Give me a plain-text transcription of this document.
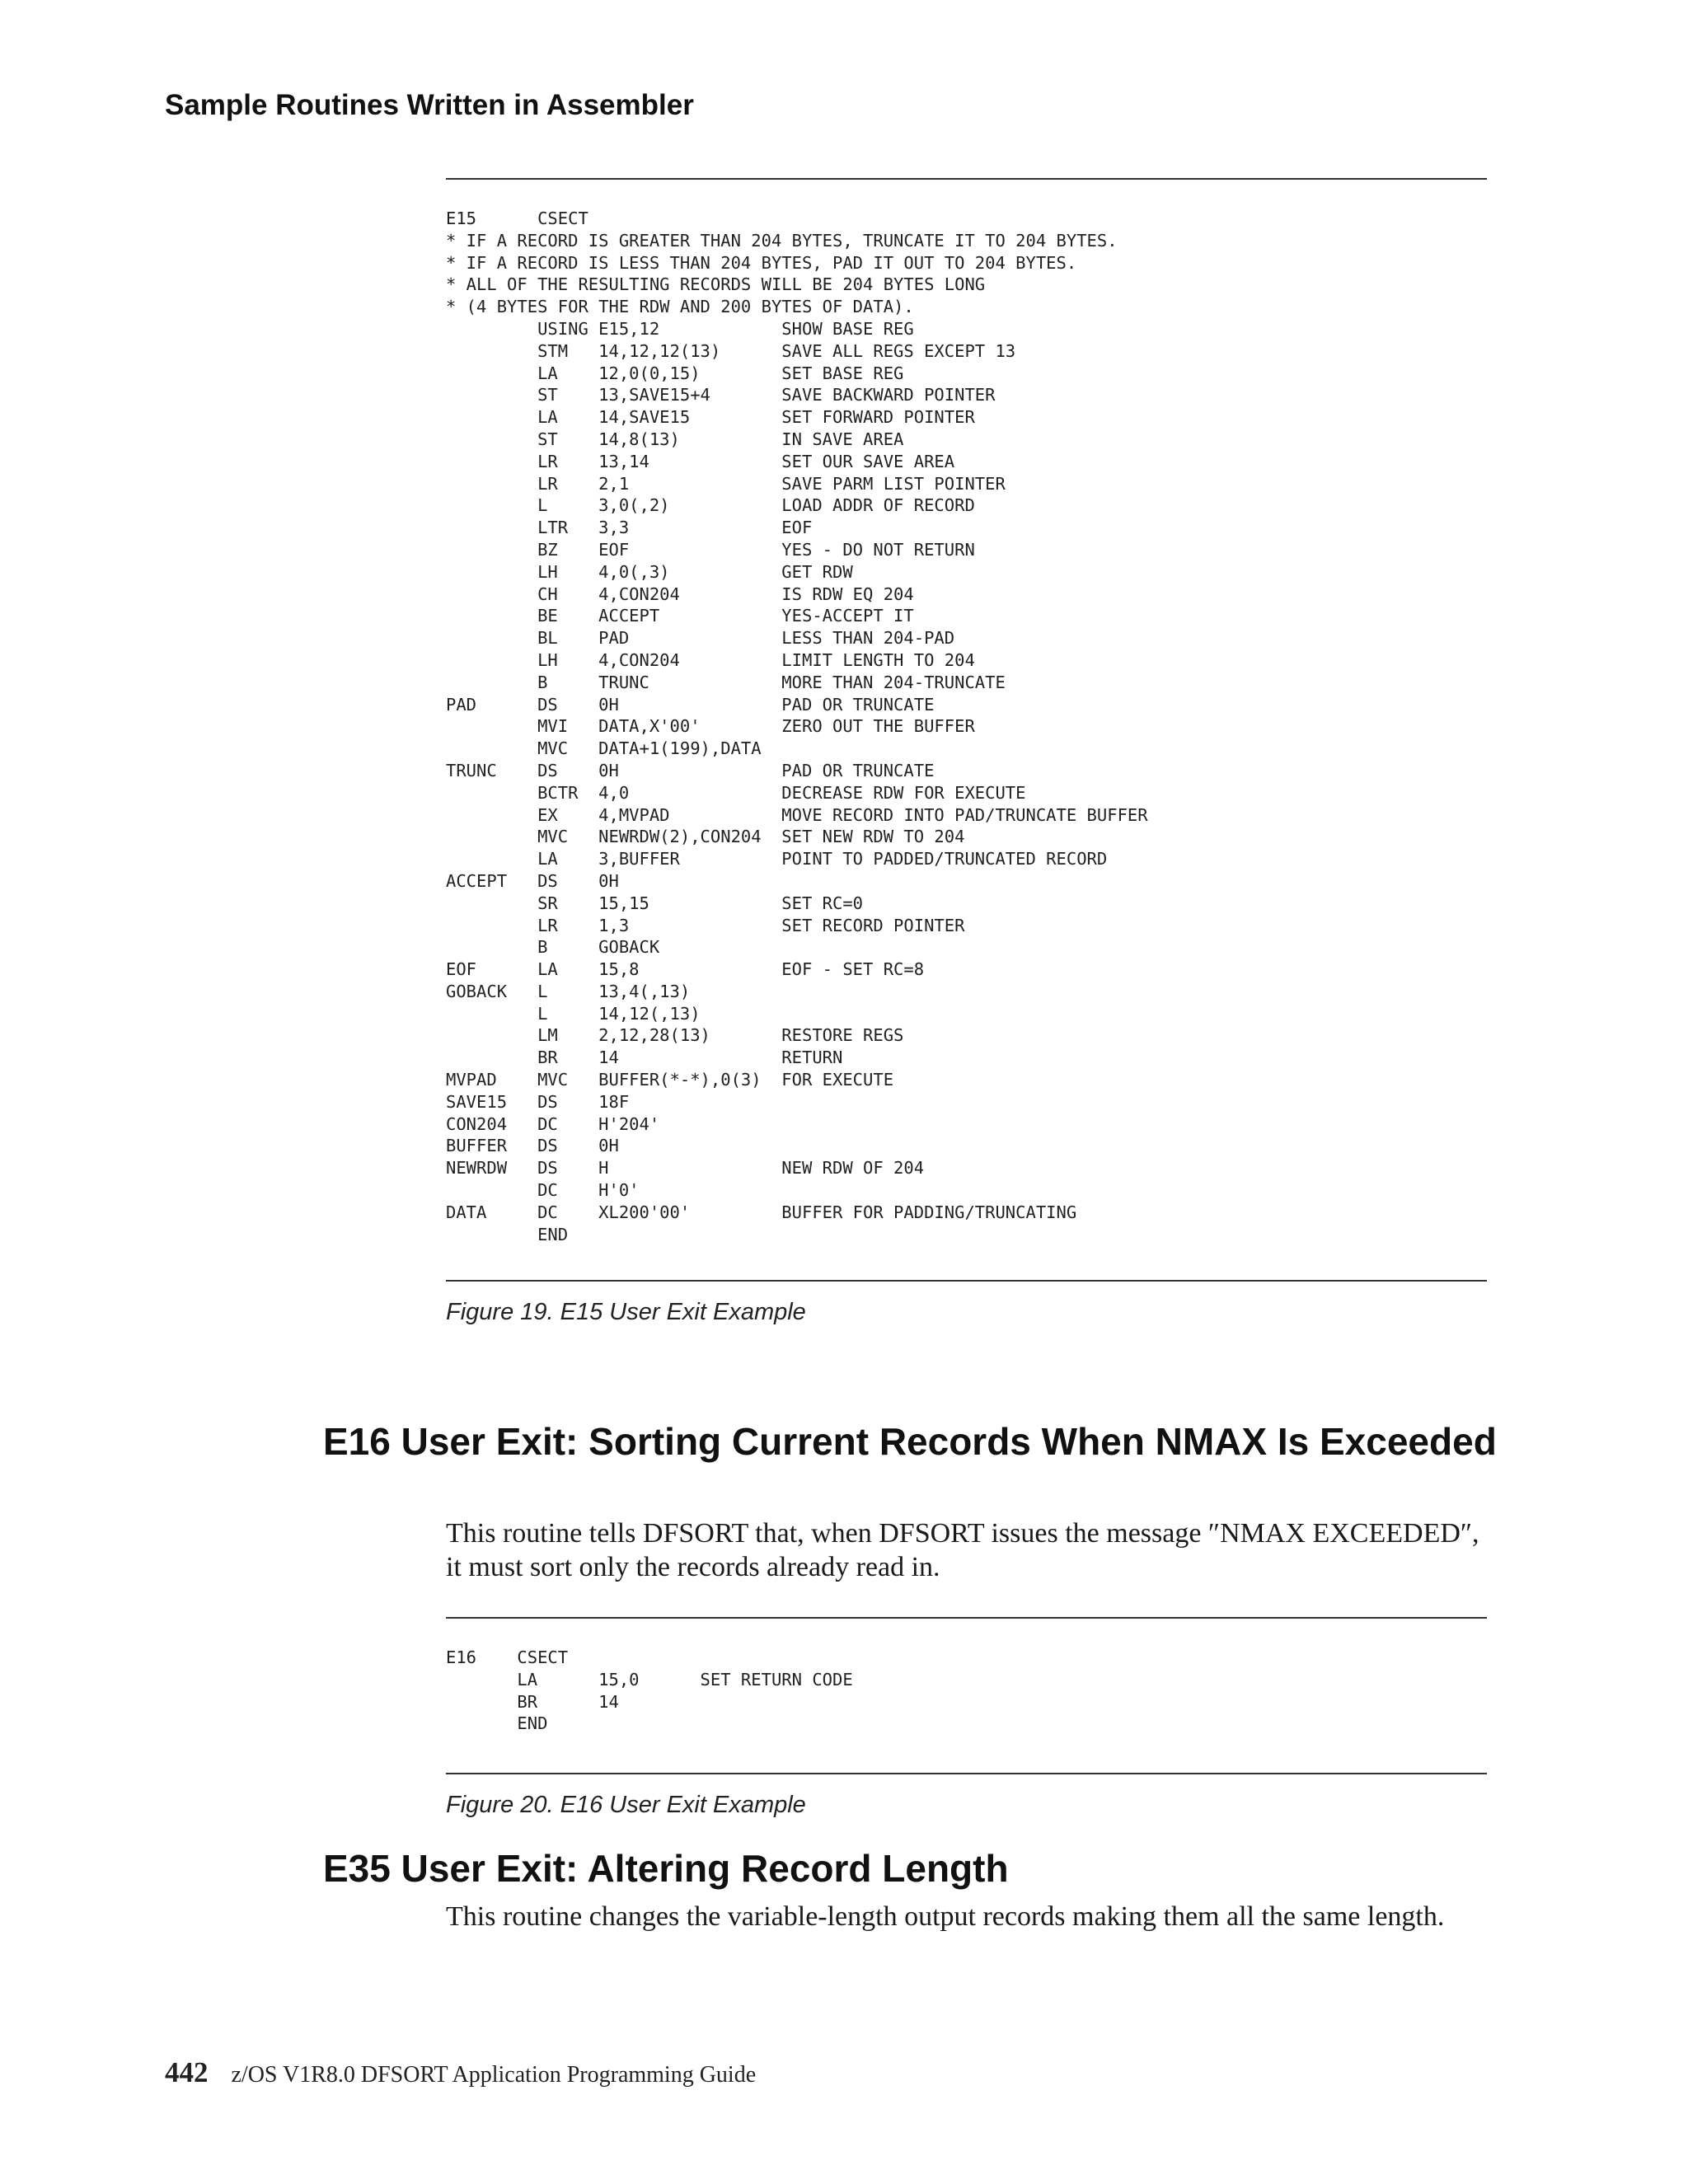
Sample Routines Written in Assembler
E15      CSECT
* IF A RECORD IS GREATER THAN 204 BYTES, TRUNCATE IT TO 204 BYTES.
* IF A RECORD IS LESS THAN 204 BYTES, PAD IT OUT TO 204 BYTES.
* ALL OF THE RESULTING RECORDS WILL BE 204 BYTES LONG
* (4 BYTES FOR THE RDW AND 200 BYTES OF DATA).
USING E15,12            SHOW BASE REG
STM   14,12,12(13)      SAVE ALL REGS EXCEPT 13
LA    12,0(0,15)        SET BASE REG
ST    13,SAVE15+4       SAVE BACKWARD POINTER
LA    14,SAVE15         SET FORWARD POINTER
ST    14,8(13)          IN SAVE AREA
LR    13,14             SET OUR SAVE AREA
LR    2,1               SAVE PARM LIST POINTER
L     3,0(,2)           LOAD ADDR OF RECORD
LTR   3,3               EOF
BZ    EOF               YES - DO NOT RETURN
LH    4,0(,3)           GET RDW
CH    4,CON204          IS RDW EQ 204
BE    ACCEPT            YES-ACCEPT IT
BL    PAD               LESS THAN 204-PAD
LH    4,CON204          LIMIT LENGTH TO 204
B     TRUNC             MORE THAN 204-TRUNCATE
PAD      DS    0H                PAD OR TRUNCATE
MVI   DATA,X'00'        ZERO OUT THE BUFFER
MVC   DATA+1(199),DATA
TRUNC    DS    0H                PAD OR TRUNCATE
BCTR  4,0               DECREASE RDW FOR EXECUTE
EX    4,MVPAD           MOVE RECORD INTO PAD/TRUNCATE BUFFER
MVC   NEWRDW(2),CON204  SET NEW RDW TO 204
LA    3,BUFFER          POINT TO PADDED/TRUNCATED RECORD
ACCEPT   DS    0H
SR    15,15             SET RC=0
LR    1,3               SET RECORD POINTER
B     GOBACK
EOF      LA    15,8              EOF - SET RC=8
GOBACK   L     13,4(,13)
L     14,12(,13)
LM    2,12,28(13)       RESTORE REGS
BR    14                RETURN
MVPAD    MVC   BUFFER(*-*),0(3)  FOR EXECUTE
SAVE15   DS    18F
CON204   DC    H'204'
BUFFER   DS    0H
NEWRDW   DS    H                 NEW RDW OF 204
DC    H'0'
DATA     DC    XL200'00'         BUFFER FOR PADDING/TRUNCATING
END
Figure 19. E15 User Exit Example
E16 User Exit: Sorting Current Records When NMAX Is Exceeded

This routine tells DFSORT that, when DFSORT issues the message ″NMAX EXCEEDED″, it must sort only the records already read in.

E16    CSECT
LA      15,0      SET RETURN CODE
BR      14
END
Figure 20. E16 User Exit Example
E35 User Exit: Altering Record Length

This routine changes the variable-length output records making them all the same length.

442 z/OS V1R8.0 DFSORT Application Programming Guide
